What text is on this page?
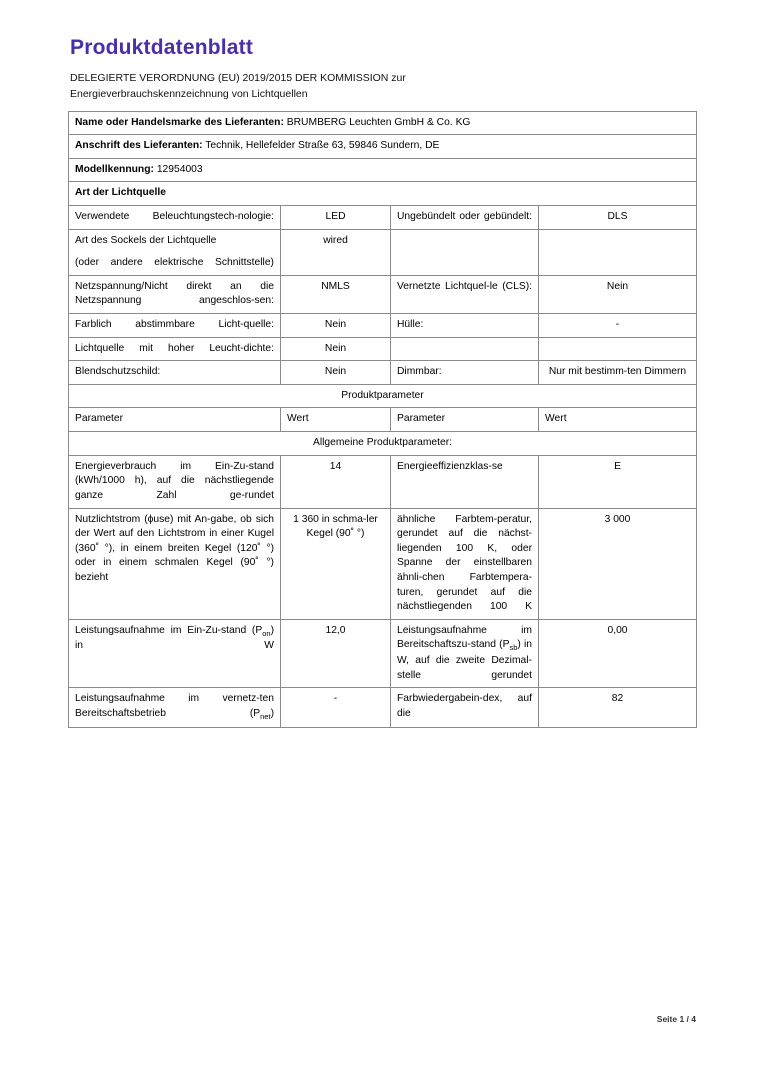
Produktdatenblatt
DELEGIERTE VERORDNUNG (EU) 2019/2015 DER KOMMISSION zur
Energieverbrauchskennzeichnung von Lichtquellen
Name oder Handelsmarke des Lieferanten: BRUMBERG Leuchten GmbH & Co. KG			
Anschrift des Lieferanten: Technik, Hellefelder Straße 63, 59846 Sundern, DE			
Modellkennung: 12954003			
Art der Lichtquelle			
Verwendete Beleuchtungstech-nologie:	LED	Ungebündelt oder gebündelt:	DLS

Art des Sockels der Lichtquelle
(oder andere elektrische Schnittstelle)	wired		
Netzspannung/Nicht direkt an die Netzspannung angeschlos-sen:	NMLS	Vernetzte Lichtquel-le (CLS):	Nein
Farblich abstimmbare Licht-quelle:	Nein	Hülle:	-
Lichtquelle mit hoher Leucht-dichte:	Nein		
Blendschutzschild:	Nein	Dimmbar:	Nur mit bestimm-ten Dimmern
Produktparameter			
Parameter	Wert	Parameter	Wert
Allgemeine Produktparameter:			
Energieverbrauch im Ein-Zu-stand (kWh/1000 h), auf die nächstliegende ganze Zahl ge-rundet	14	Energieeffizienzklas-se	E
Nutzlichtstrom (ϕuse) mit An-gabe, ob sich der Wert auf den Lichtstrom in einer Kugel (360˚ °), in einem breiten Kegel (120˚ °) oder in einem schmalen Kegel (90˚ °) bezieht	1 360 in schma-ler Kegel (90˚ °)	ähnliche Farbtem-peratur, gerundet auf die nächst-liegenden 100 K, oder Spanne der einstellbaren ähnli-chen Farbtempera-turen, gerundet auf die nächstliegenden 100 K	3 000
Leistungsaufnahme im Ein-Zu-stand $(P_{on})$ in W	12,0	Leistungsaufnahme im Bereitschaftszu-stand $(P_{sb})$ in W, auf die zweite Dezimal-stelle gerundet	0,00
Leistungsaufnahme im vernetz-ten Bereitschaftsbetrieb $(P_{net})$	-	Farbwiedergabein-dex, auf die	82
Seite 1 / 4
